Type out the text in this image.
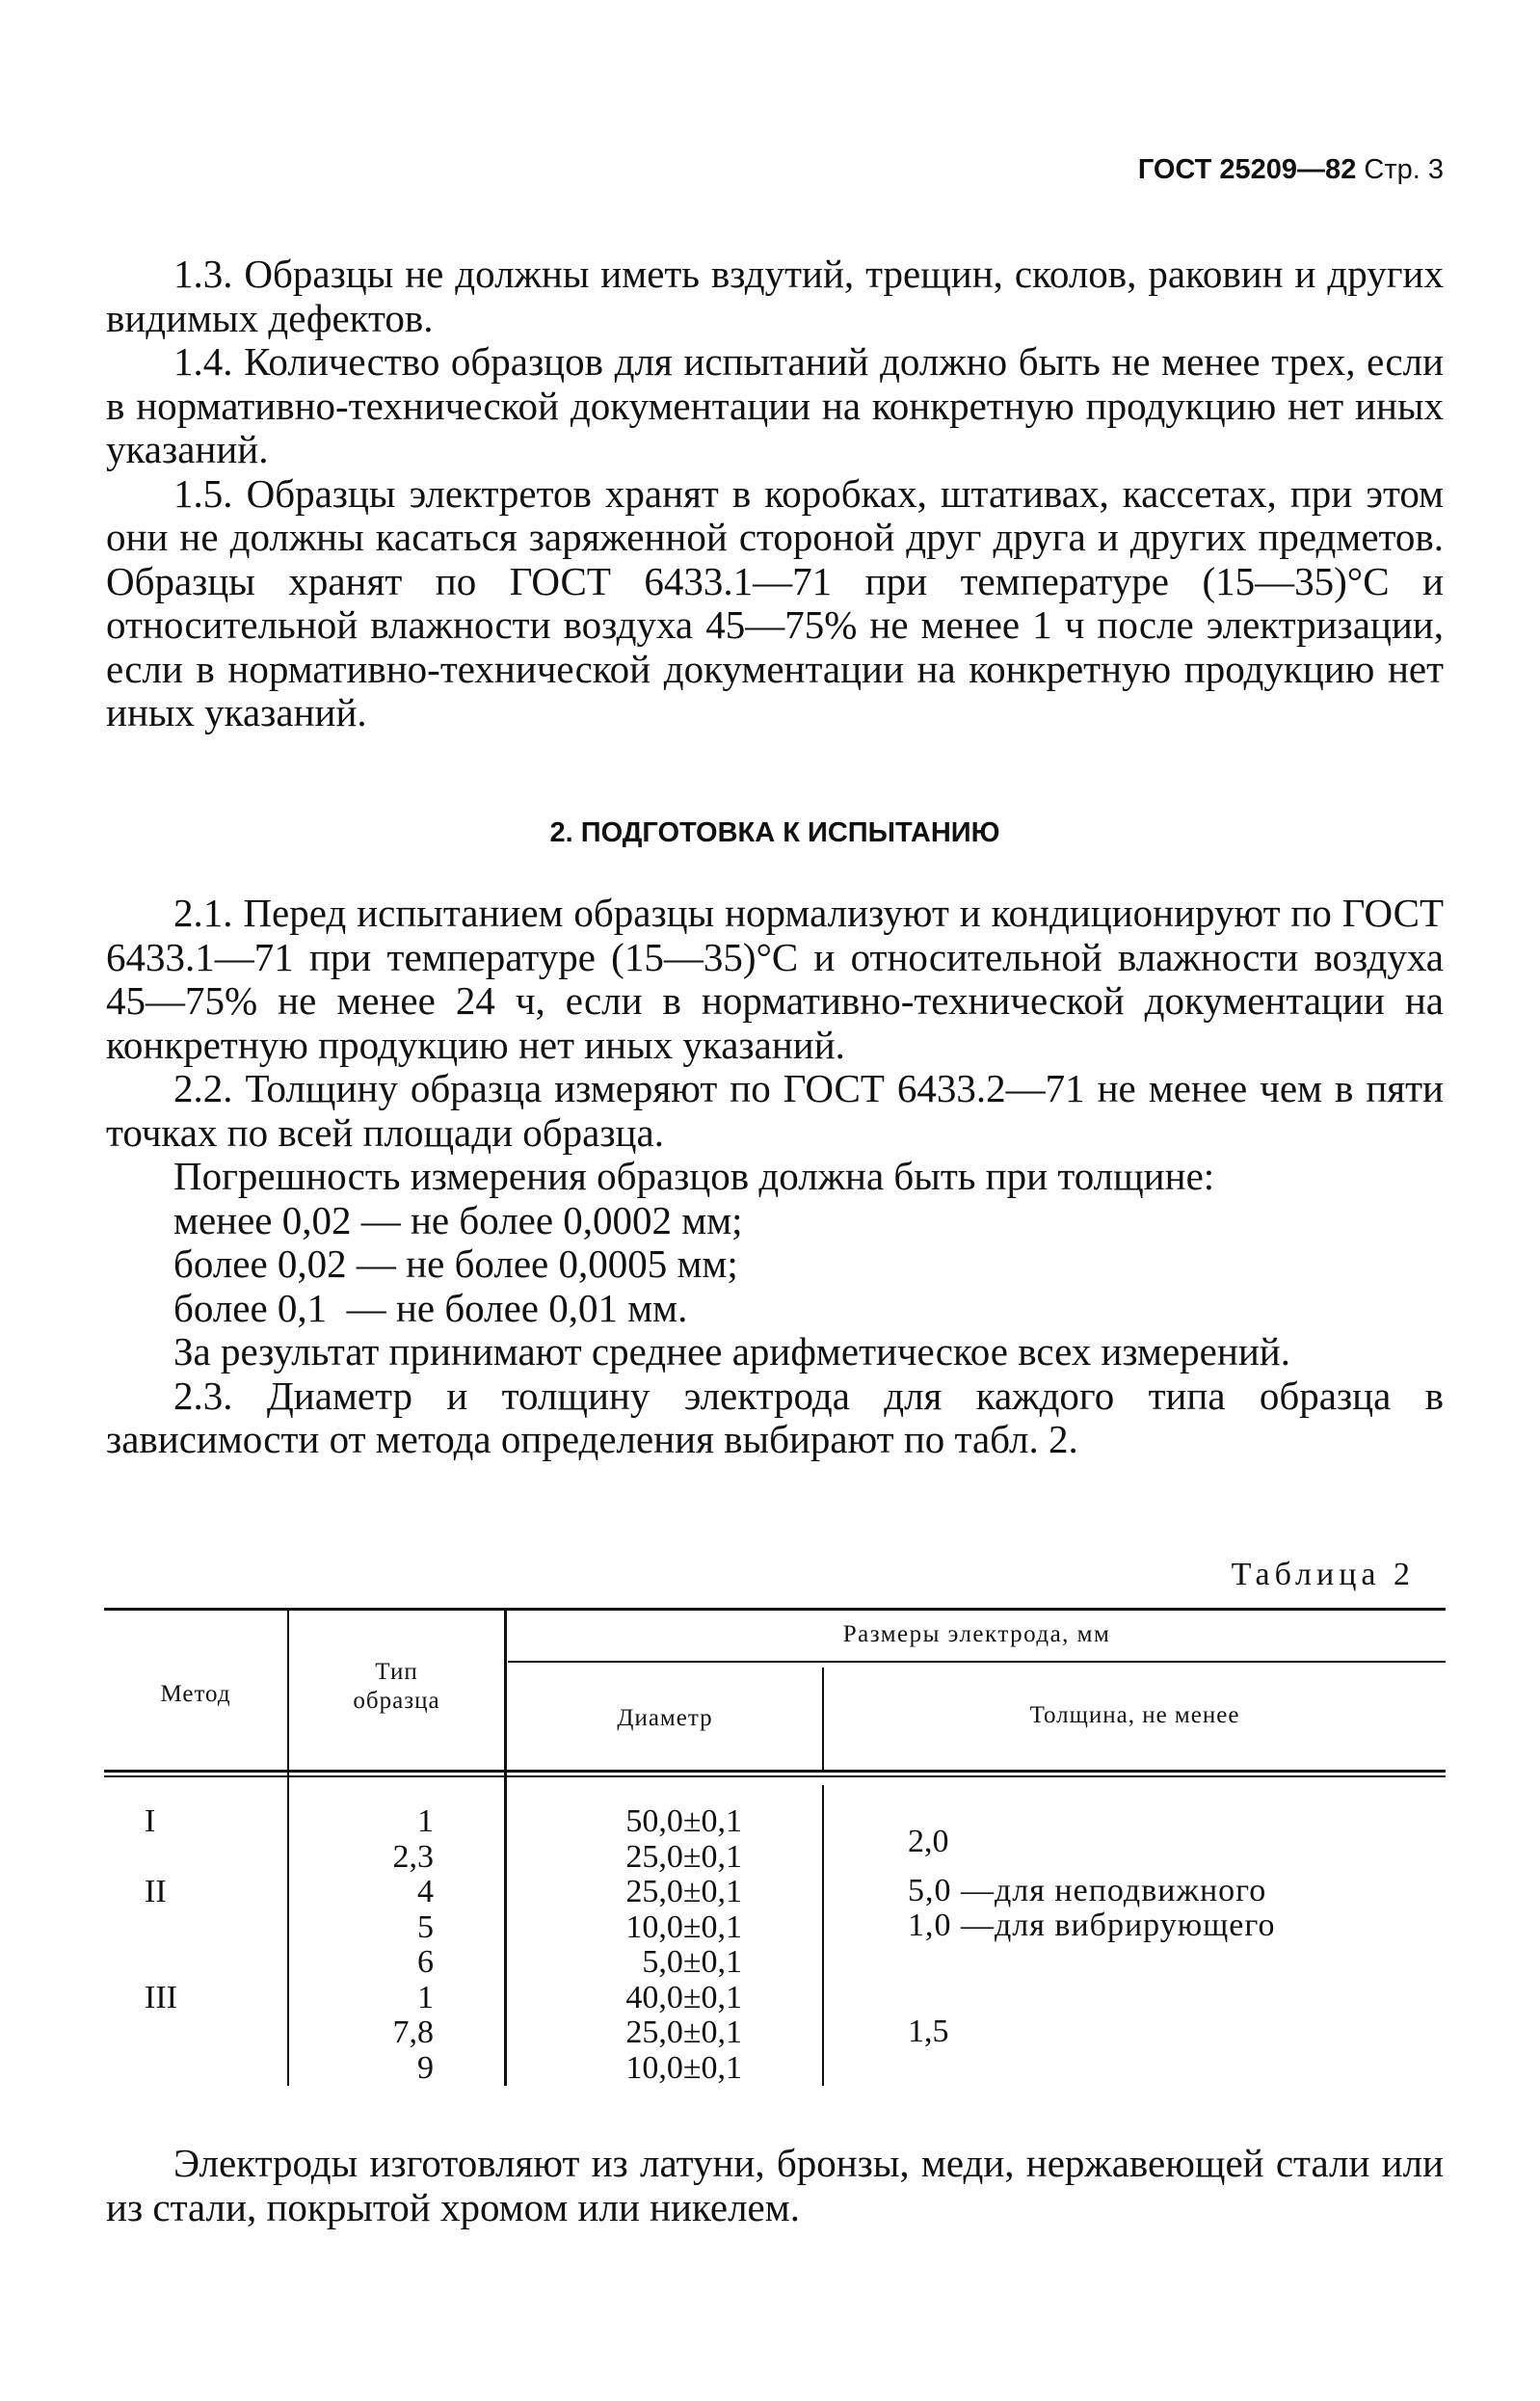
ГОСТ 25209—82 Стр. 3

1.3. Образцы не должны иметь вздутий, трещин, сколов, раковин и других видимых дефектов.

1.4. Количество образцов для испытаний должно быть не менее трех, если в нормативно-технической документации на конкретную продукцию нет иных указаний.

1.5. Образцы электретов хранят в коробках, штативах, кассетах, при этом они не должны касаться заряженной стороной друг друга и других предметов. Образцы хранят по ГОСТ 6433.1—71 при температуре (15—35)°С и относительной влажности воздуха 45—75% не менее 1 ч после электризации, если в нормативно-технической документации на конкретную продукцию нет иных указаний.

2. ПОДГОТОВКА К ИСПЫТАНИЮ

2.1. Перед испытанием образцы нормализуют и кондиционируют по ГОСТ 6433.1—71 при температуре (15—35)°С и относительной влажности воздуха 45—75% не менее 24 ч, если в нормативно-технической документации на конкретную продукцию нет иных указаний.

2.2. Толщину образца измеряют по ГОСТ 6433.2—71 не менее чем в пяти точках по всей площади образца.

Погрешность измерения образцов должна быть при толщине:

менее 0,02 — не более 0,0002 мм;

более 0,02 — не более 0,0005 мм;

более 0,1  — не более 0,01 мм.

За результат принимают среднее арифметическое всех измерений.

2.3. Диаметр и толщину электрода для каждого типа образца в зависимости от метода определения выбирают по табл. 2.

Таблица 2
Метод
Тип образца
Размеры электрода, мм
Диаметр	Толщина, не менее
I
II
III
1
2,3
4
5
6
1
7,8
9
50,0±0,1
25,0±0,1
25,0±0,1
10,0±0,1
5,0±0,1
40,0±0,1
25,0±0,1
10,0±0,1
2,0
5,0 —для неподвижного
1,0 —для вибрирующего
1,5

Электроды изготовляют из латуни, бронзы, меди, нержавеющей стали или из стали, покрытой хромом или никелем.
